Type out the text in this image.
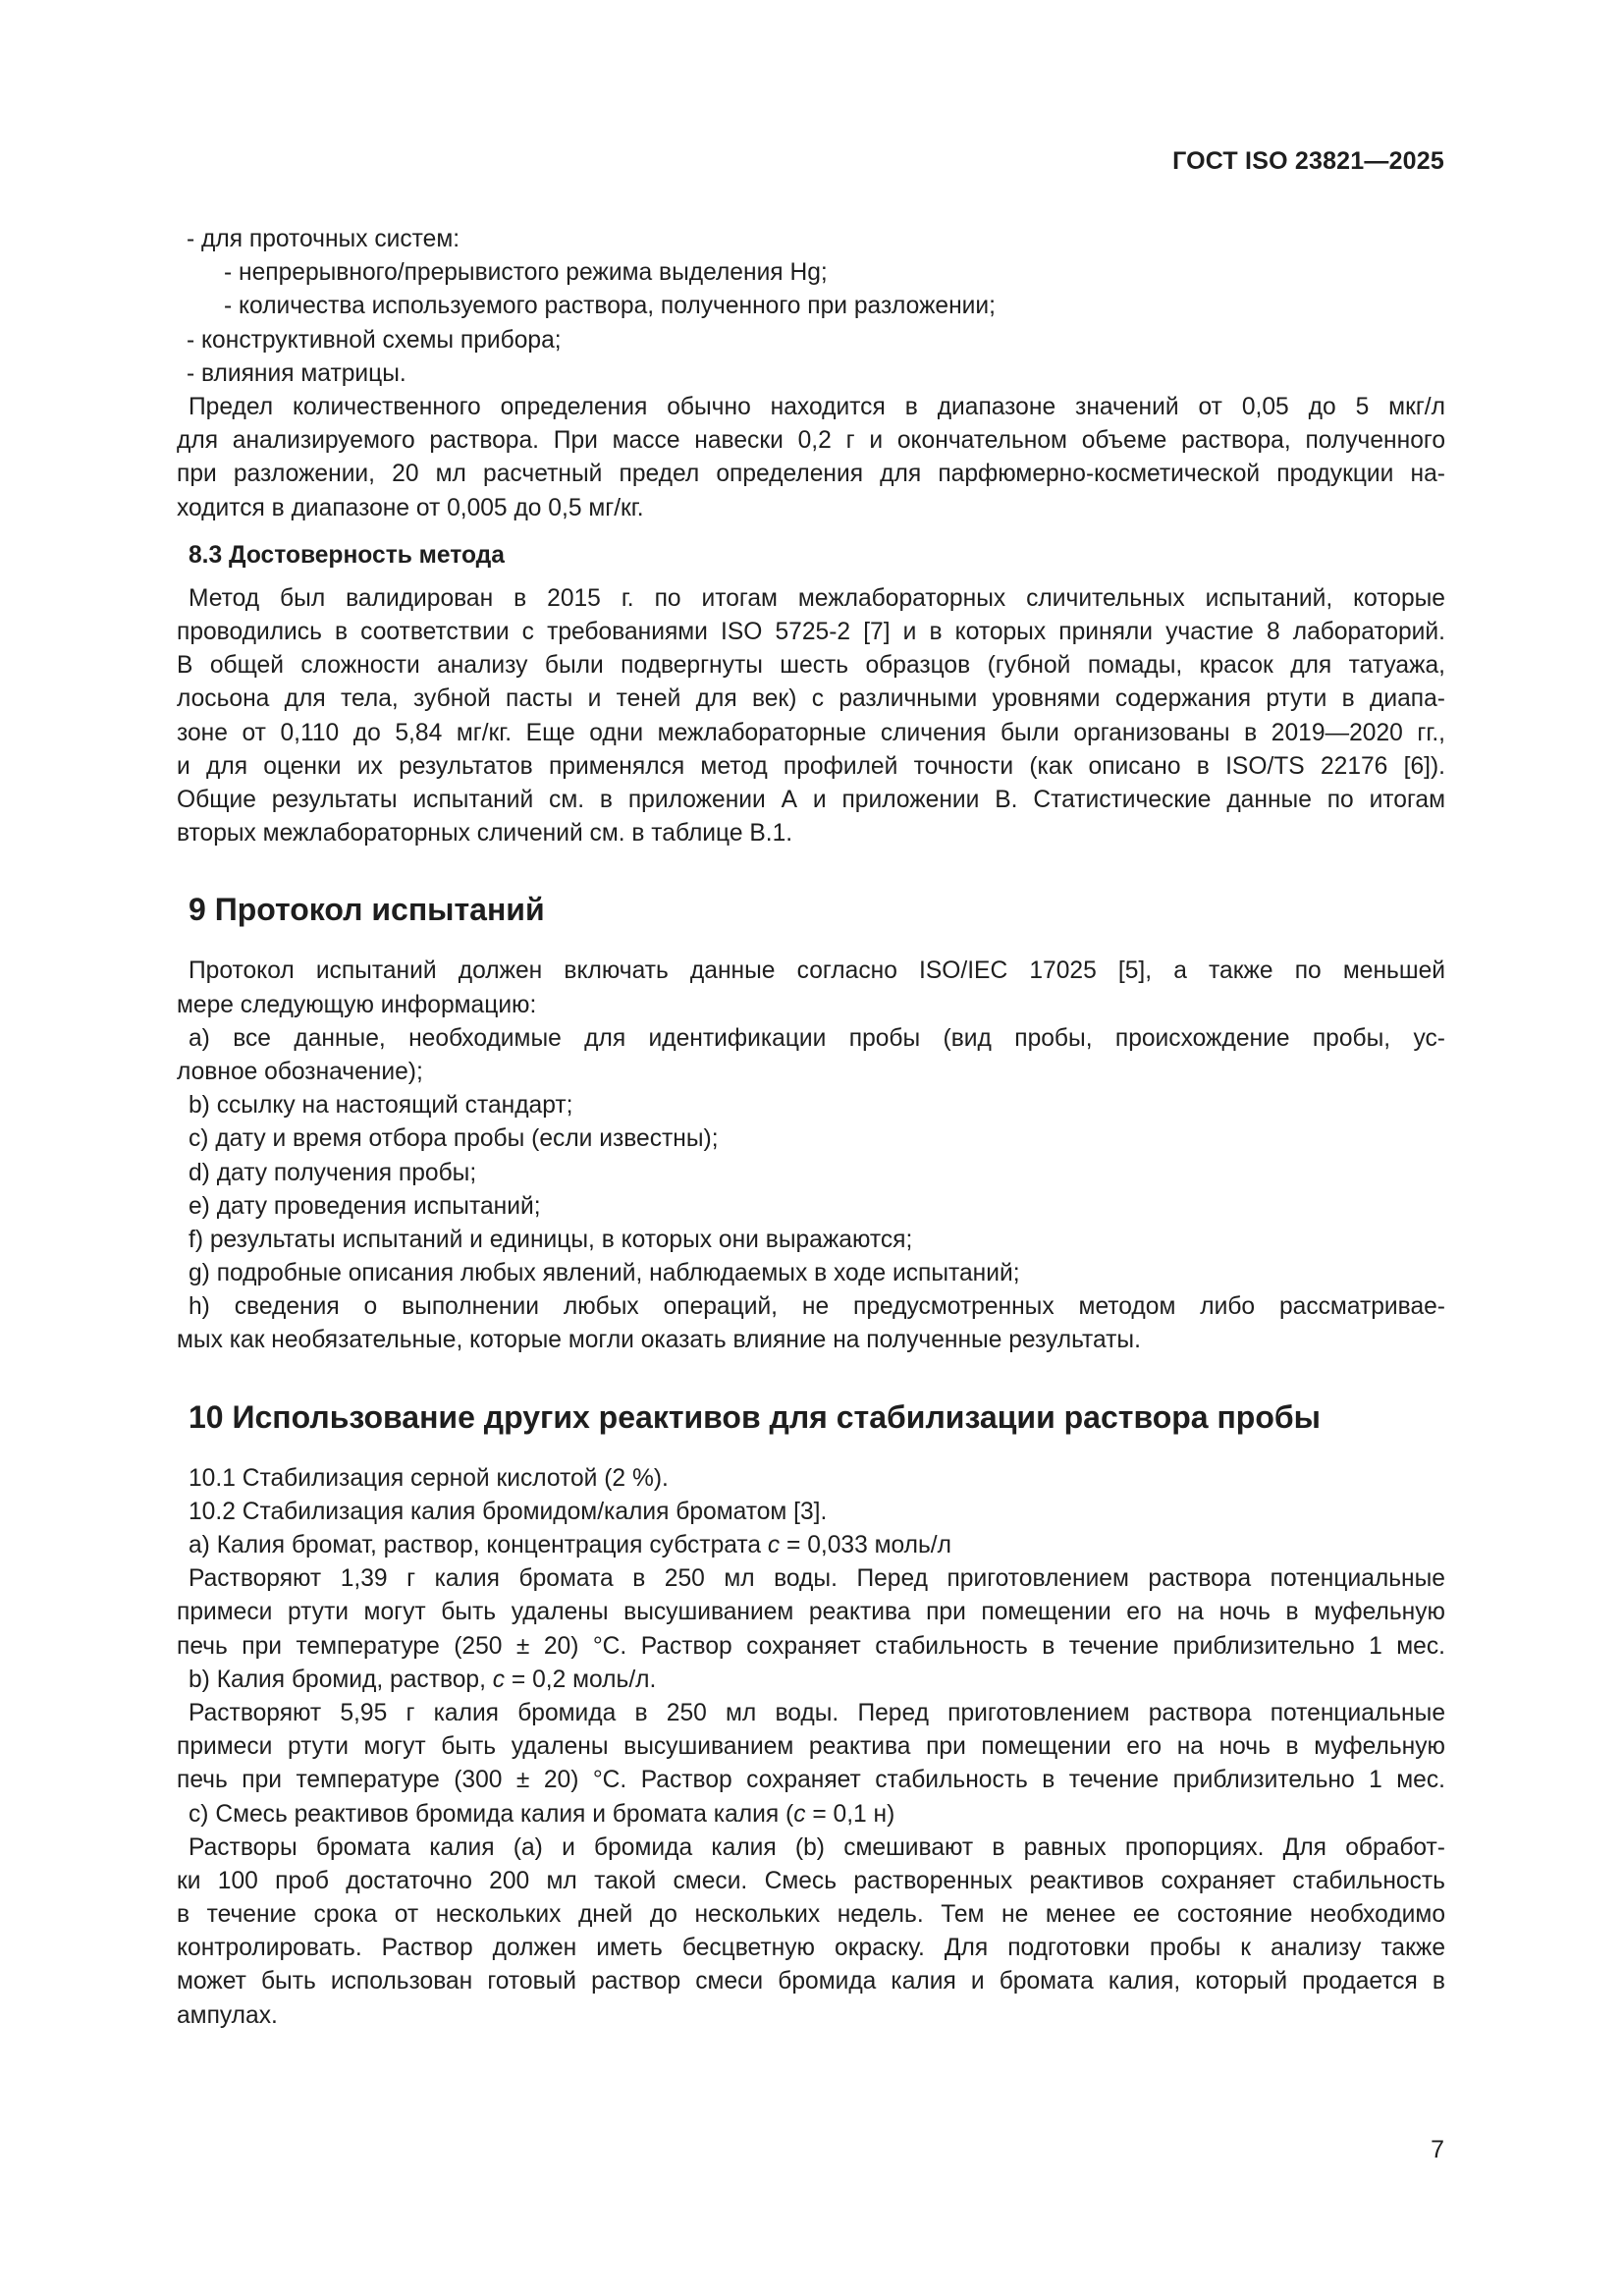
ГОСТ ISO 23821—2025
- для проточных систем:
- непрерывного/прерывистого режима выделения Hg;
- количества используемого раствора, полученного при разложении;
- конструктивной схемы прибора;
- влияния матрицы.
Предел количественного определения обычно находится в диапазоне значений от 0,05 до 5 мкг/л
для анализируемого раствора. При массе навески 0,2 г и окончательном объеме раствора, полученного
при разложении, 20 мл расчетный предел определения для парфюмерно-косметической продукции на-
ходится в диапазоне от 0,005 до 0,5 мг/кг.
8.3 Достоверность метода
Метод был валидирован в 2015 г. по итогам межлабораторных сличительных испытаний, которые
проводились в соответствии с требованиями ISO 5725-2 [7] и в которых приняли участие 8 лабораторий.
В общей сложности анализу были подвергнуты шесть образцов (губной помады, красок для татуажа,
лосьона для тела, зубной пасты и теней для век) с различными уровнями содержания ртути в диапа-
зоне от 0,110 до 5,84 мг/кг. Еще одни межлабораторные сличения были организованы в 2019—2020 гг.,
и для оценки их результатов применялся метод профилей точности (как описано в ISO/TS 22176 [6]).
Общие результаты испытаний см. в приложении А и приложении В. Статистические данные по итогам
вторых межлабораторных сличений см. в таблице В.1.
9 Протокол испытаний
Протокол испытаний должен включать данные согласно ISO/IEC 17025 [5], а также по меньшей
мере следующую информацию:
a) все данные, необходимые для идентификации пробы (вид пробы, происхождение пробы, ус-
ловное обозначение);
b) ссылку на настоящий стандарт;
c) дату и время отбора пробы (если известны);
d) дату получения пробы;
e) дату проведения испытаний;
f) результаты испытаний и единицы, в которых они выражаются;
g) подробные описания любых явлений, наблюдаемых в ходе испытаний;
h) сведения о выполнении любых операций, не предусмотренных методом либо рассматривае-
мых как необязательные, которые могли оказать влияние на полученные результаты.
10 Использование других реактивов для стабилизации раствора пробы
10.1 Стабилизация серной кислотой (2 %).
10.2 Стабилизация калия бромидом/калия броматом [3].
a) Калия бромат, раствор, концентрация субстрата c = 0,033 моль/л
Растворяют 1,39 г калия бромата в 250 мл воды. Перед приготовлением раствора потенциальные
примеси ртути могут быть удалены высушиванием реактива при помещении его на ночь в муфельную
печь при температуре (250 ± 20) °C. Раствор сохраняет стабильность в течение приблизительно 1 мес.
b) Калия бромид, раствор, c = 0,2 моль/л.
Растворяют 5,95 г калия бромида в 250 мл воды. Перед приготовлением раствора потенциальные
примеси ртути могут быть удалены высушиванием реактива при помещении его на ночь в муфельную
печь при температуре (300 ± 20) °C. Раствор сохраняет стабильность в течение приблизительно 1 мес.
c) Смесь реактивов бромида калия и бромата калия (c = 0,1 н)
Растворы бромата калия (a) и бромида калия (b) смешивают в равных пропорциях. Для обработ-
ки 100 проб достаточно 200 мл такой смеси. Смесь растворенных реактивов сохраняет стабильность
в течение срока от нескольких дней до нескольких недель. Тем не менее ее состояние необходимо
контролировать. Раствор должен иметь бесцветную окраску. Для подготовки пробы к анализу также
может быть использован готовый раствор смеси бромида калия и бромата калия, который продается в
ампулах.
7
